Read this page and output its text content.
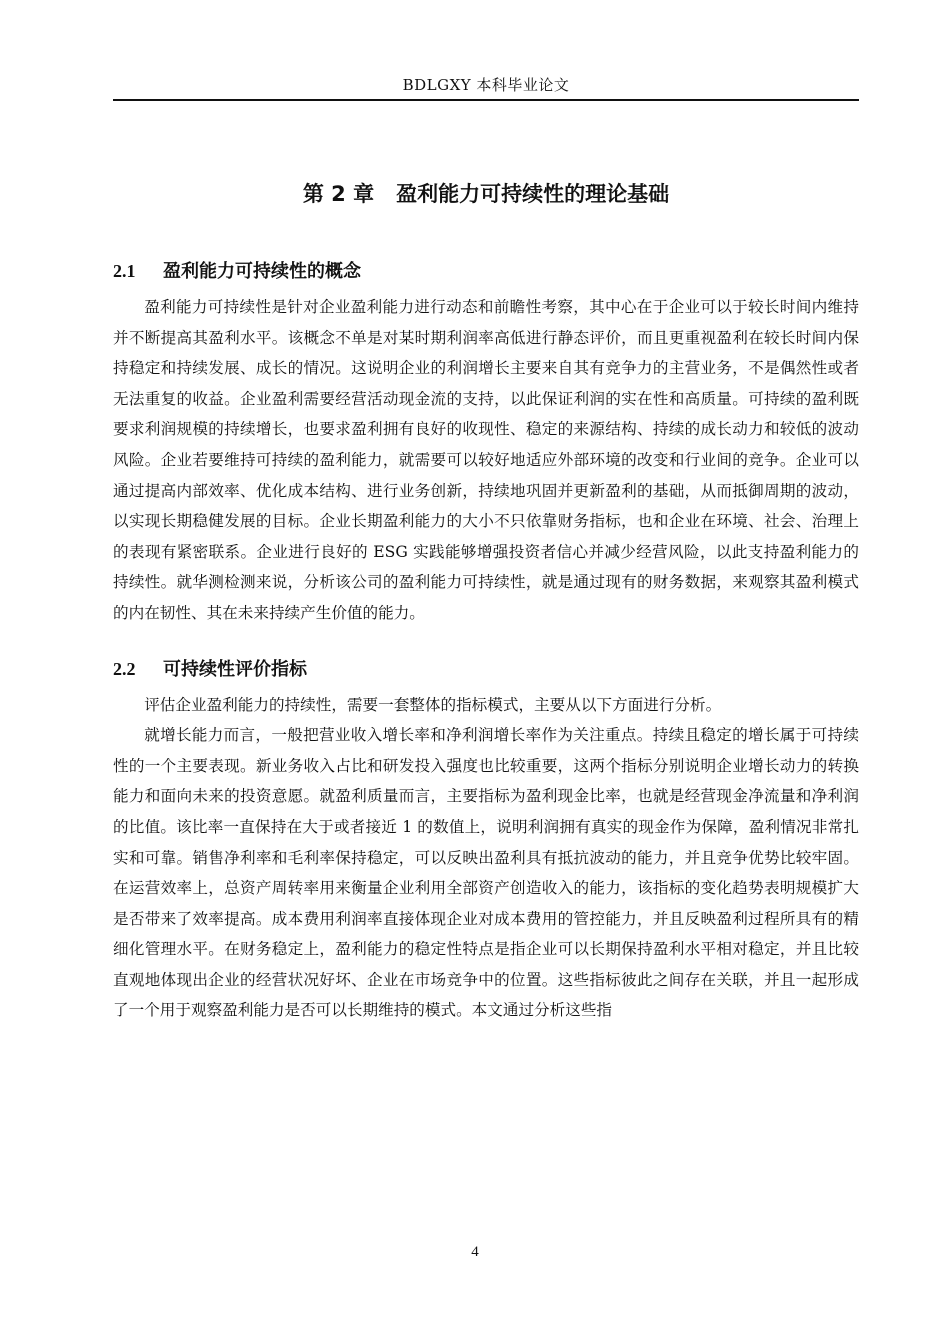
BDLGXY 本科毕业论文
第 2 章 盈利能力可持续性的理论基础
2.1 盈利能力可持续性的概念

盈利能力可持续性是针对企业盈利能力进行动态和前瞻性考察，其中心在于企业可以于较长时间内维持并不断提高其盈利水平。该概念不单是对某时期利润率高低进行静态评价，而且更重视盈利在较长时间内保持稳定和持续发展、成长的情况。这说明企业的利润增长主要来自其有竞争力的主营业务，不是偶然性或者无法重复的收益。企业盈利需要经营活动现金流的支持，以此保证利润的实在性和高质量。可持续的盈利既要求利润规模的持续增长，也要求盈利拥有良好的收现性、稳定的来源结构、持续的成长动力和较低的波动风险。企业若要维持可持续的盈利能力，就需要可以较好地适应外部环境的改变和行业间的竞争。企业可以通过提高内部效率、优化成本结构、进行业务创新，持续地巩固并更新盈利的基础，从而抵御周期的波动，以实现长期稳健发展的目标。企业长期盈利能力的大小不只依靠财务指标，也和企业在环境、社会、治理上的表现有紧密联系。企业进行良好的 ESG 实践能够增强投资者信心并减少经营风险，以此支持盈利能力的持续性。就华测检测来说，分析该公司的盈利能力可持续性，就是通过现有的财务数据，来观察其盈利模式的内在韧性、其在未来持续产生价值的能力。

2.2 可持续性评价指标

评估企业盈利能力的持续性，需要一套整体的指标模式，主要从以下方面进行分析。

就增长能力而言，一般把营业收入增长率和净利润增长率作为关注重点。持续且稳定的增长属于可持续性的一个主要表现。新业务收入占比和研发投入强度也比较重要，这两个指标分别说明企业增长动力的转换能力和面向未来的投资意愿。就盈利质量而言，主要指标为盈利现金比率，也就是经营现金净流量和净利润的比值。该比率一直保持在大于或者接近 1 的数值上，说明利润拥有真实的现金作为保障，盈利情况非常扎实和可靠。销售净利率和毛利率保持稳定，可以反映出盈利具有抵抗波动的能力，并且竞争优势比较牢固。在运营效率上，总资产周转率用来衡量企业利用全部资产创造收入的能力，该指标的变化趋势表明规模扩大是否带来了效率提高。成本费用利润率直接体现企业对成本费用的管控能力，并且反映盈利过程所具有的精细化管理水平。在财务稳定上，盈利能力的稳定性特点是指企业可以长期保持盈利水平相对稳定，并且比较直观地体现出企业的经营状况好坏、企业在市场竞争中的位置。这些指标彼此之间存在关联，并且一起形成了一个用于观察盈利能力是否可以长期维持的模式。本文通过分析这些指

4
